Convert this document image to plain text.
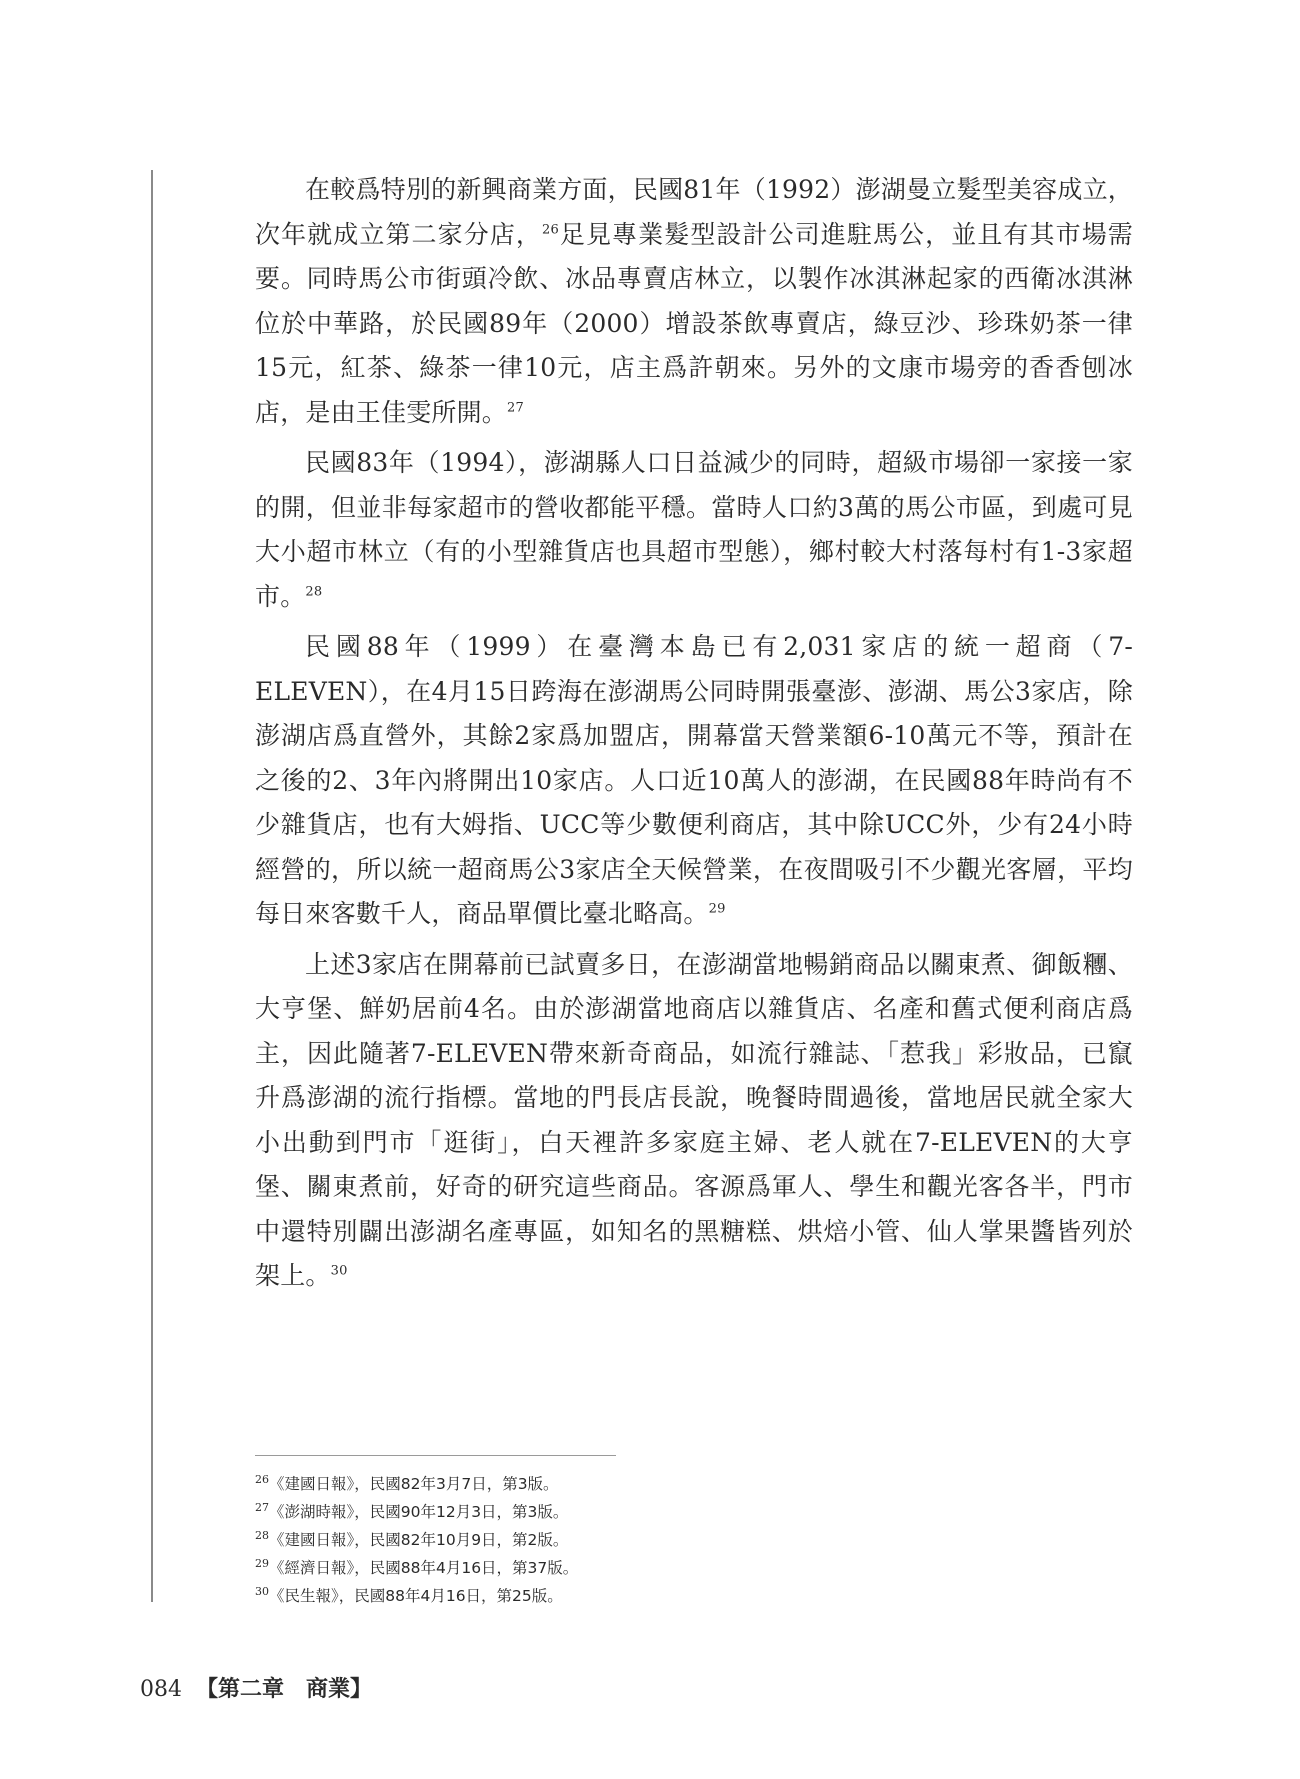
在較爲特別的新興商業方面，民國81年（1992）澎湖曼立髮型美容成立，次年就成立第二家分店，$^{26}$足見專業髮型設計公司進駐馬公，並且有其市場需要。同時馬公市街頭冷飲、冰品專賣店林立，以製作冰淇淋起家的西衛冰淇淋位於中華路，於民國89年（2000）增設茶飲專賣店，綠豆沙、珍珠奶茶一律15元，紅茶、綠茶一律10元，店主爲許朝來。另外的文康市場旁的香香刨冰店，是由王佳雯所開。$^{27}$

民國83年（1994），澎湖縣人口日益減少的同時，超級市場卻一家接一家的開，但並非每家超市的營收都能平穩。當時人口約3萬的馬公市區，到處可見大小超市林立（有的小型雜貨店也具超市型態），鄉村較大村落每村有1-3家超市。$^{28}$

民國88年（1999）在臺灣本島已有2,031家店的統一超商（7-ELEVEN），在4月15日跨海在澎湖馬公同時開張臺澎、澎湖、馬公3家店，除澎湖店爲直營外，其餘2家爲加盟店，開幕當天營業額6-10萬元不等，預計在之後的2、3年內將開出10家店。人口近10萬人的澎湖，在民國88年時尚有不少雜貨店，也有大姆指、UCC等少數便利商店，其中除UCC外，少有24小時經營的，所以統一超商馬公3家店全天候營業，在夜間吸引不少觀光客層，平均每日來客數千人，商品單價比臺北略高。$^{29}$

上述3家店在開幕前已試賣多日，在澎湖當地暢銷商品以關東煮、御飯糰、大亨堡、鮮奶居前4名。由於澎湖當地商店以雜貨店、名產和舊式便利商店爲主，因此隨著7-ELEVEN帶來新奇商品，如流行雜誌、「惹我」彩妝品，已竄升爲澎湖的流行指標。當地的門長店長說，晚餐時間過後，當地居民就全家大小出動到門市「逛街」，白天裡許多家庭主婦、老人就在7-ELEVEN的大亨堡、關東煮前，好奇的研究這些商品。客源爲軍人、學生和觀光客各半，門市中還特別闢出澎湖名產專區，如知名的黑糖糕、烘焙小管、仙人掌果醬皆列於架上。$^{30}$

$^{26}$《建國日報》，民國82年3月7日，第3版。
$^{27}$《澎湖時報》，民國90年12月3日，第3版。
$^{28}$《建國日報》，民國82年10月9日，第2版。
$^{29}$《經濟日報》，民國88年4月16日，第37版。
$^{30}$《民生報》，民國88年4月16日，第25版。
084 【第二章　商業】
